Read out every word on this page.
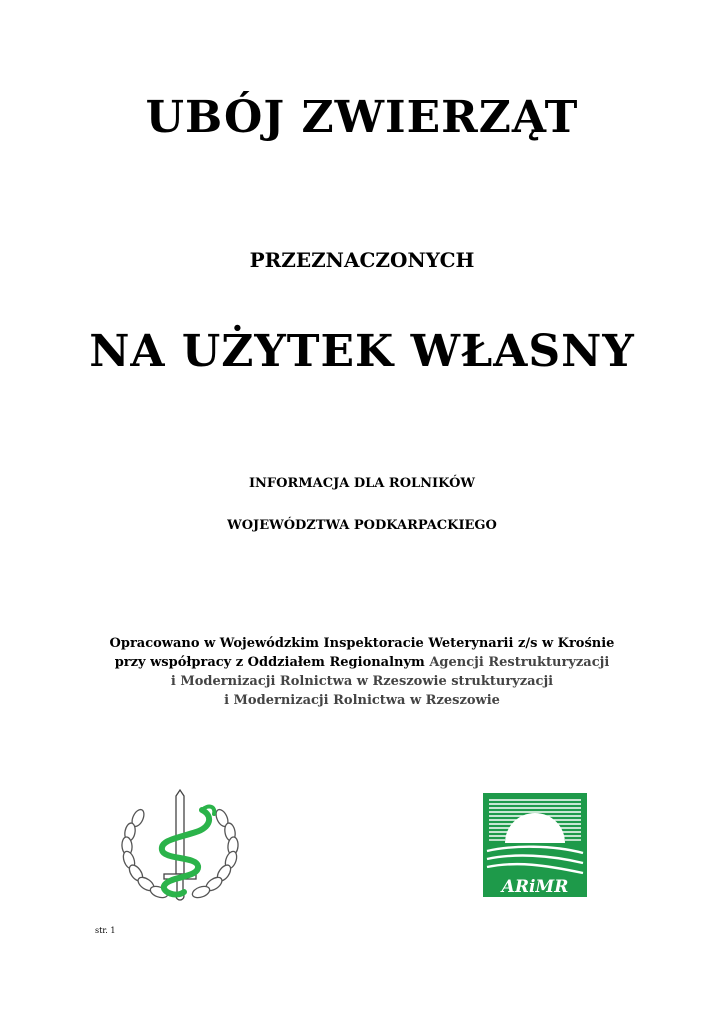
UBÓJ ZWIERZĄT
PRZEZNACZONYCH
NA UŻYTEK WŁASNY
INFORMACJA DLA ROLNIKÓW
WOJEWÓDZTWA PODKARPACKIEGO
Opracowano w Wojewódzkim Inspektoracie Weterynarii z/s w Krośnie
przy współpracy z Oddziałem Regionalnym Agencji Restrukturyzacji
i Modernizacji Rolnictwa w Rzeszowie strukturyzacji
i Modernizacji Rolnictwa w Rzeszowie
ARiMR
str. 1
